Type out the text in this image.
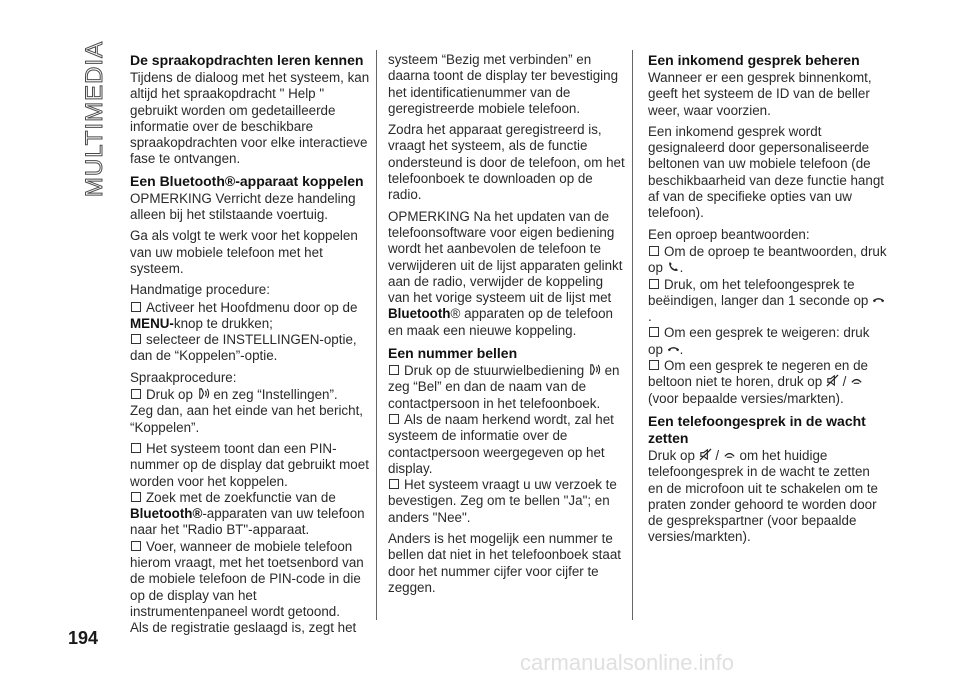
MULTIMEDIA De spraakopdrachten leren kennen

Tijdens de dialoog met het systeem, kan altijd het spraakopdracht " Help " gebruikt worden om gedetailleerde informatie over de beschikbare spraakopdrachten voor elke interactieve fase te ontvangen.

Een Bluetooth®-apparaat koppelen

OPMERKING Verricht deze handeling alleen bij het stilstaande voertuig.

Ga als volgt te werk voor het koppelen van uw mobiele telefoon met het systeem.

Handmatige procedure:

Activeer het Hoofdmenu door op de MENU-knop te drukken;

selecteer de INSTELLINGEN-optie, dan de “Koppelen”-optie.

Spraakprocedure:

Druk op  en zeg “Instellingen”.

Zeg dan, aan het einde van het bericht, “Koppelen”.

Het systeem toont dan een PIN-nummer op de display dat gebruikt moet worden voor het koppelen.

Zoek met de zoekfunctie van de Bluetooth®-apparaten van uw telefoon naar het "Radio BT"-apparaat.

Voer, wanneer de mobiele telefoon hierom vraagt, met het toetsenbord van de mobiele telefoon de PIN-code in die op de display van het instrumentenpaneel wordt getoond.

Als de registratie geslaagd is, zegt het

systeem “Bezig met verbinden” en daarna toont de display ter bevestiging het identificatienummer van de geregistreerde mobiele telefoon.

Zodra het apparaat geregistreerd is, vraagt het systeem, als de functie ondersteund is door de telefoon, om het telefoonboek te downloaden op de radio.

OPMERKING Na het updaten van de telefoonsoftware voor eigen bediening wordt het aanbevolen de telefoon te verwijderen uit de lijst apparaten gelinkt aan de radio, verwijder de koppeling van het vorige systeem uit de lijst met Bluetooth® apparaten op de telefoon en maak een nieuwe koppeling.

Een nummer bellen

Druk op de stuurwielbediening  en zeg “Bel” en dan de naam van de contactpersoon in het telefoonboek.

Als de naam herkend wordt, zal het systeem de informatie over de contactpersoon weergegeven op het display.

Het systeem vraagt u uw verzoek te bevestigen. Zeg om te bellen "Ja"; en anders "Nee".

Anders is het mogelijk een nummer te bellen dat niet in het telefoonboek staat door het nummer cijfer voor cijfer te zeggen.

Een inkomend gesprek beheren

Wanneer er een gesprek binnenkomt, geeft het systeem de ID van de beller weer, waar voorzien.

Een inkomend gesprek wordt gesignaleerd door gepersonaliseerde beltonen van uw mobiele telefoon (de beschikbaarheid van deze functie hangt af van de specifieke opties van uw telefoon).

Een oproep beantwoorden:

Om de oproep te beantwoorden, druk op .

Druk, om het telefoongesprek te beëindigen, langer dan 1 seconde op .

Om een gesprek te weigeren: druk op .

Om een gesprek te negeren en de beltoon niet te horen, druk op  /  (voor bepaalde versies/markten).

Een telefoongesprek in de wacht zetten

Druk op  /  om het huidige telefoongesprek in de wacht te zetten en de microfoon uit te schakelen om te praten zonder gehoord te worden door de gesprekspartner (voor bepaalde versies/markten).

194
carmanualsonline.info
